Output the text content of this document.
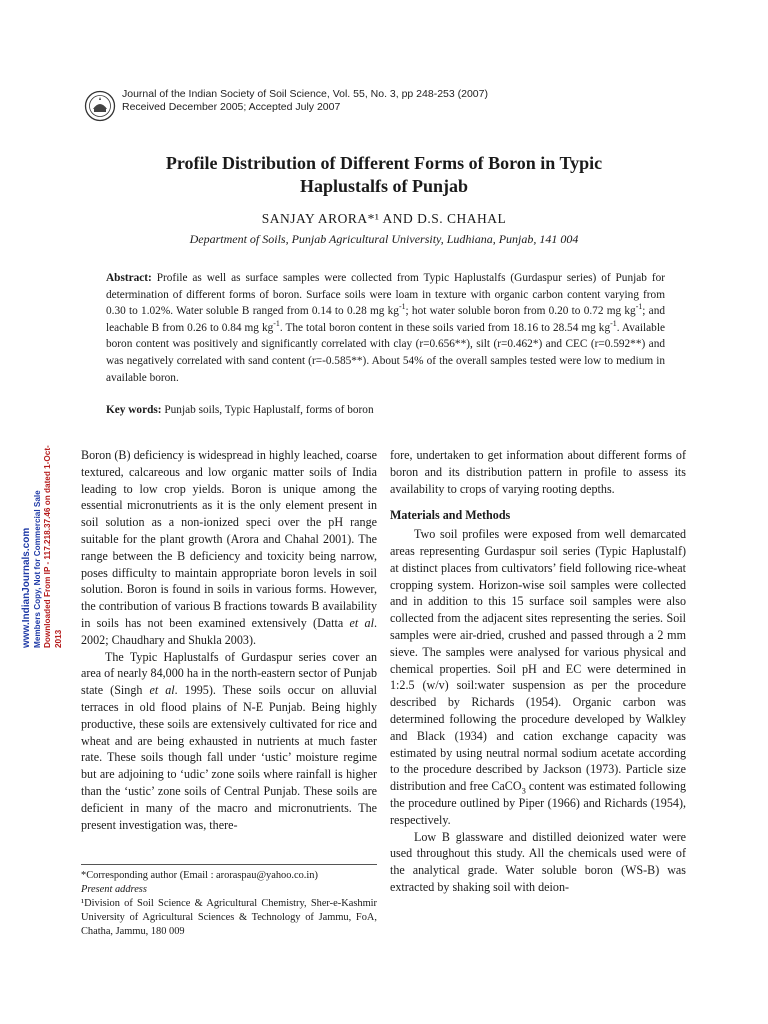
Journal of the Indian Society of Soil Science, Vol. 55, No. 3, pp 248-253 (2007)
Received December 2005; Accepted July 2007
Profile Distribution of Different Forms of Boron in Typic
Haplustalfs of Punjab
SANJAY ARORA*¹ AND D.S. CHAHAL
Department of Soils, Punjab Agricultural University, Ludhiana, Punjab, 141 004
Abstract: Profile as well as surface samples were collected from Typic Haplustalfs (Gurdaspur series) of Punjab for determination of different forms of boron. Surface soils were loam in texture with organic carbon content varying from 0.30 to 1.02%. Water soluble B ranged from 0.14 to 0.28 mg $kg^{-1}$; hot water soluble boron from 0.20 to 0.72 mg $kg^{-1}$; and leachable B from 0.26 to 0.84 mg $kg^{-1}$. The total boron content in these soils varied from 18.16 to 28.54 mg $kg^{-1}$. Available boron content was positively and significantly correlated with clay (r=0.656**), silt (r=0.462*) and CEC (r=0.592**) and was negatively correlated with sand content (r=-0.585**). About 54% of the overall samples tested were low to medium in available boron.
Key words: Punjab soils, Typic Haplustalf, forms of boron
www.IndianJournals.com Members Copy, Not for Commercial Sale Downloaded From IP - 117.218.37.46 on dated 1-Oct-2013

Boron (B) deficiency is widespread in highly leached, coarse textured, calcareous and low organic matter soils of India leading to low crop yields. Boron is unique among the essential micronutrients as it is the only element present in soil solution as a non-ionized speci over the pH range suitable for the plant growth (Arora and Chahal 2001). The range between the B deficiency and toxicity being narrow, poses difficulty to maintain appropriate boron levels in soil solution. Boron is found in soils in various forms. However, the contribution of various B fractions towards B availability in soils has not been examined extensively (Datta et al. 2002; Chaudhary and Shukla 2003).

The Typic Haplustalfs of Gurdaspur series cover an area of nearly 84,000 ha in the north-eastern sector of Punjab state (Singh et al. 1995). These soils occur on alluvial terraces in old flood plains of N-E Punjab. Being highly productive, these soils are extensively cultivated for rice and wheat and are being exhausted in nutrients at much faster rate. These soils though fall under ‘ustic’ moisture regime but are adjoining to ‘udic’ zone soils where rainfall is higher than the ‘ustic’ zone soils of Central Punjab. These soils are deficient in many of the macro and micronutrients. The present investigation was, there-

*Corresponding author (Email : aroraspau@yahoo.co.in)

Present address

¹Division of Soil Science & Agricultural Chemistry, Sher-e-Kashmir University of Agricultural Sciences & Technology of Jammu, FoA, Chatha, Jammu, 180 009

fore, undertaken to get information about different forms of boron and its distribution pattern in profile to assess its availability to crops of varying rooting depths.

Materials and Methods

Two soil profiles were exposed from well demarcated areas representing Gurdaspur soil series (Typic Haplustalf) at distinct places from cultivators’ field following rice-wheat cropping system. Horizon-wise soil samples were collected and in addition to this 15 surface soil samples were also collected from the adjacent sites representing the series. Soil samples were air-dried, crushed and passed through a 2 mm sieve. The samples were analysed for various physical and chemical properties. Soil pH and EC were determined in 1:2.5 (w/v) soil:water suspension as per the procedure described by Richards (1954). Organic carbon was determined following the procedure developed by Walkley and Black (1934) and cation exchange capacity was estimated by using neutral normal sodium acetate according to the procedure described by Jackson (1973). Particle size distribution and free CaCO$_3$ content was estimated following the procedure outlined by Piper (1966) and Richards (1954), respectively.

Low B glassware and distilled deionized water were used throughout this study. All the chemicals used were of the analytical grade. Water soluble boron (WS-B) was extracted by shaking soil with deion-
